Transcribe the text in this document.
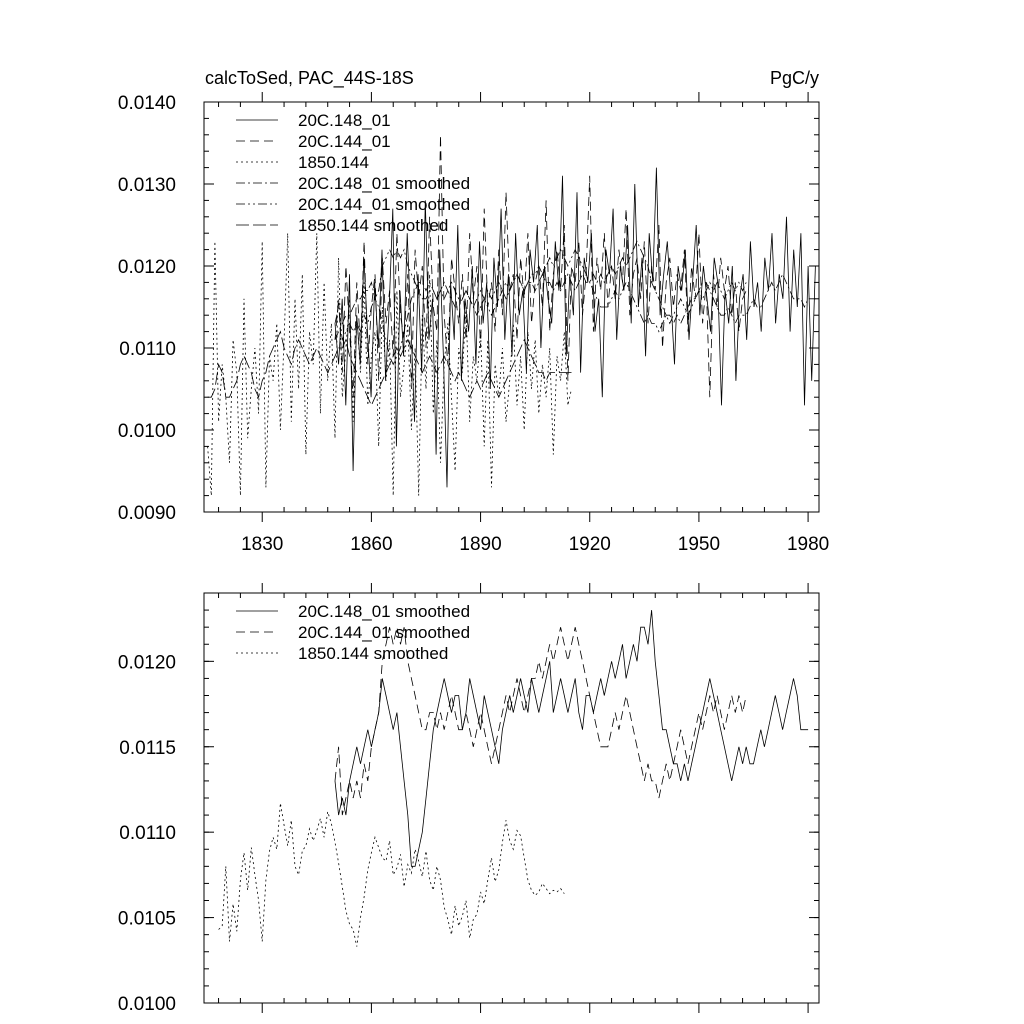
calcToSed, PAC_44S-18S	PgC/y
1830	1860	1890	1920	1950	1980
0.0090
0.0100
0.0110
0.0120
0.0130
0.0140
20C.148_01
20C.144_01
1850.144
20C.148_01 smoothed
20C.144_01 smoothed
1850.144 smoothed
0.0100
0.0105
0.0110
0.0115
0.0120
20C.148_01 smoothed
20C.144_01 smoothed
1850.144 smoothed
